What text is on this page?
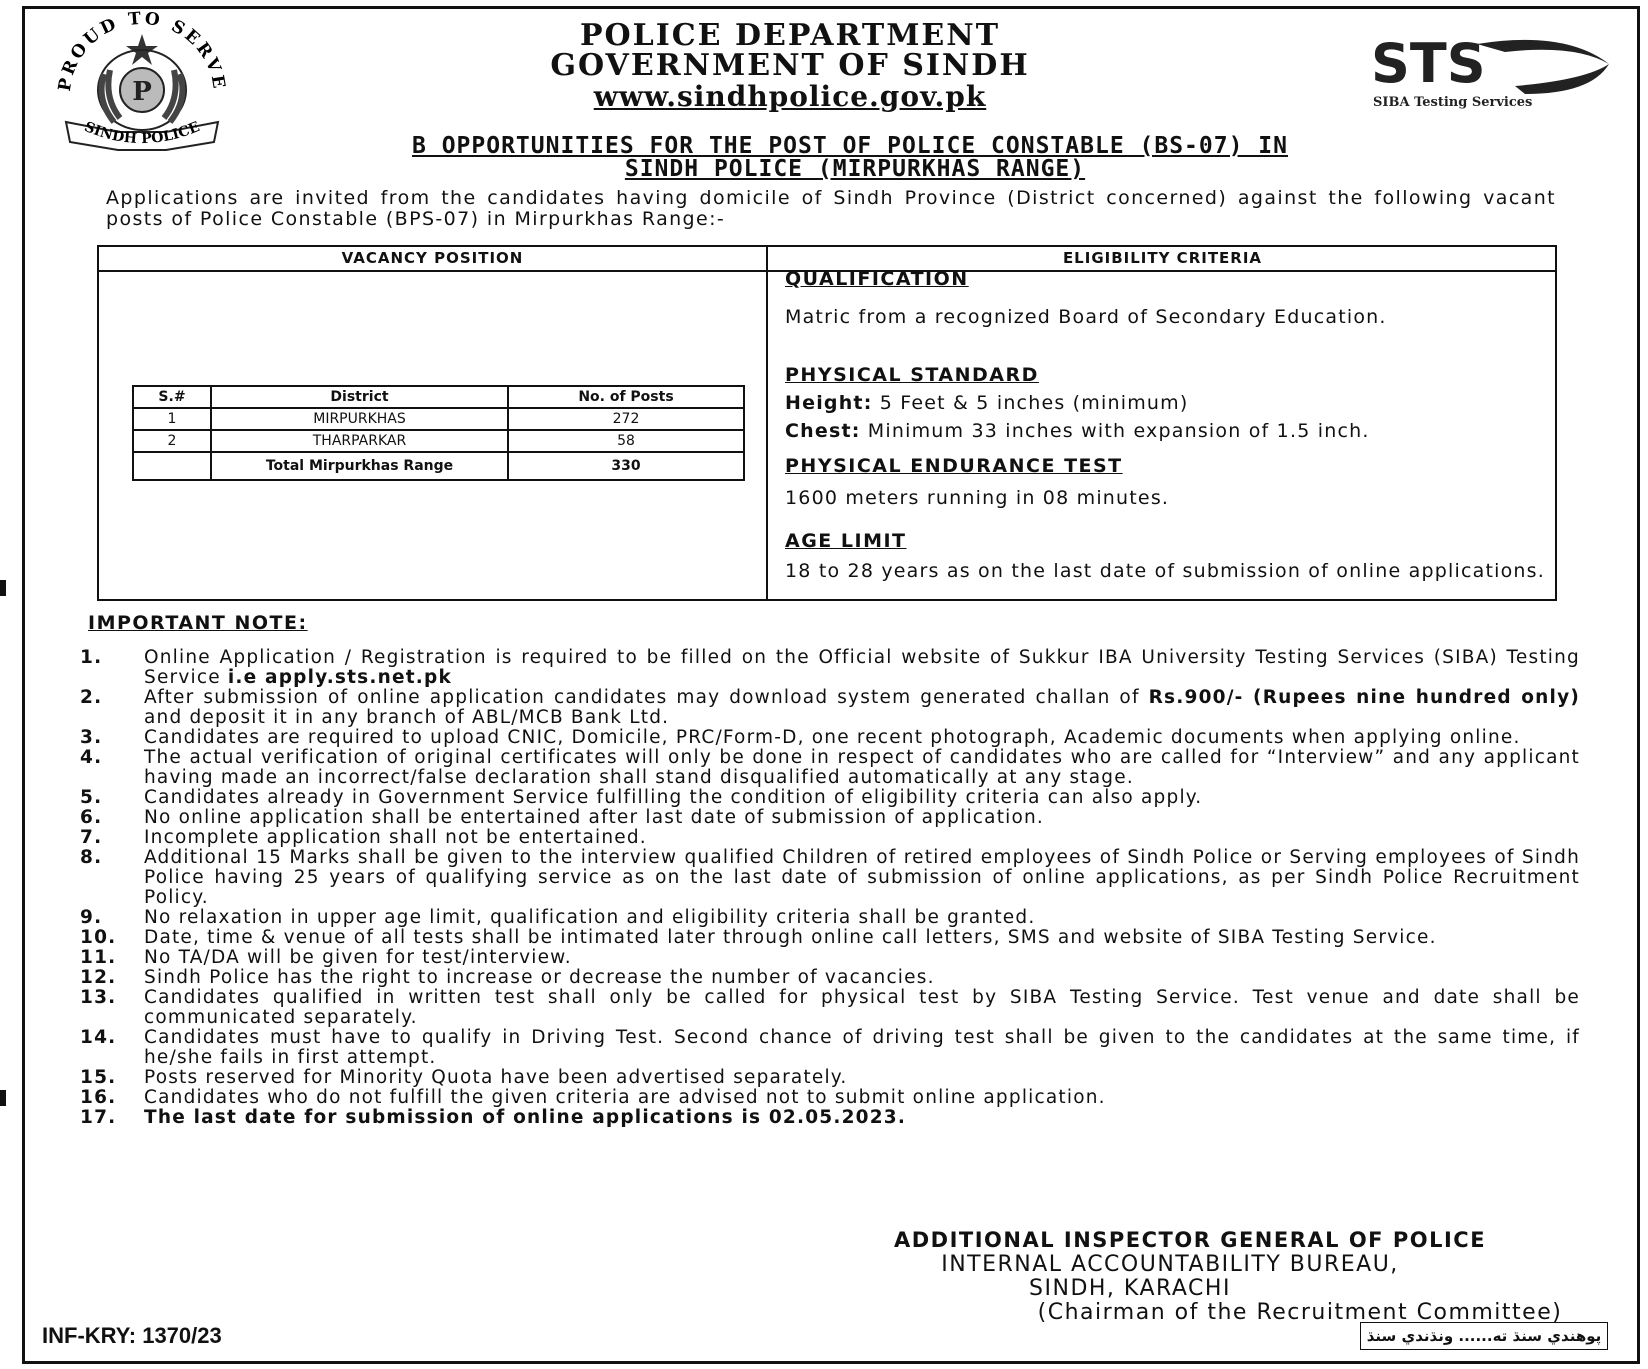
PROUD TO SERVE
P
SINDH POLICE
STS
SIBA Testing Services
POLICE DEPARTMENT
GOVERNMENT OF SINDH
www.sindhpolice.gov.pk
B OPPORTUNITIES FOR THE POST OF POLICE CONSTABLE (BS-07) IN
SINDH POLICE (MIRPURKHAS RANGE)
Applications are invited from the candidates having domicile of Sindh Province (District concerned) against the following vacant posts of Police Constable (BPS-07) in Mirpurkhas Range:-
VACANCY POSITION	ELIGIBILITY CRITERIA
S.#	District	No. of Posts
1	MIRPURKHAS	272
2	THARPARKAR	58
	Total Mirpurkhas Range	330
QUALIFICATION
Matric from a recognized Board of Secondary Education.
PHYSICAL STANDARD
Height: 5 Feet & 5 inches (minimum)
Chest: Minimum 33 inches with expansion of 1.5 inch.
PHYSICAL ENDURANCE TEST
1600 meters running in 08 minutes.
AGE LIMIT
18 to 28 years as on the last date of submission of online applications.
IMPORTANT NOTE:
1.	Online Application / Registration is required to be filled on the Official website of Sukkur IBA University Testing Services (SIBA) Testing Service i.e apply.sts.net.pk
2.	After submission of online application candidates may download system generated challan of Rs.900/- (Rupees nine hundred only) and deposit it in any branch of ABL/MCB Bank Ltd.
3.	Candidates are required to upload CNIC, Domicile, PRC/Form-D, one recent photograph, Academic documents when applying online.
4.	The actual verification of original certificates will only be done in respect of candidates who are called for “Interview” and any applicant having made an incorrect/false declaration shall stand disqualified automatically at any stage.
5.	Candidates already in Government Service fulfilling the condition of eligibility criteria can also apply.
6.	No online application shall be entertained after last date of submission of application.
7.	Incomplete application shall not be entertained.
8.	Additional 15 Marks shall be given to the interview qualified Children of retired employees of Sindh Police or Serving employees of Sindh Police having 25 years of qualifying service as on the last date of submission of online applications, as per Sindh Police Recruitment Policy.
9.	No relaxation in upper age limit, qualification and eligibility criteria shall be granted.
10.	Date, time & venue of all tests shall be intimated later through online call letters, SMS and website of SIBA Testing Service.
11.	No TA/DA will be given for test/interview.
12.	Sindh Police has the right to increase or decrease the number of vacancies.
13.	Candidates qualified in written test shall only be called for physical test by SIBA Testing Service. Test venue and date shall be communicated separately.
14.	Candidates must have to qualify in Driving Test. Second chance of driving test shall be given to the candidates at the same time, if he/she fails in first attempt.
15.	Posts reserved for Minority Quota have been advertised separately.
16.	Candidates who do not fulfill the given criteria are advised not to submit online application.
17.	The last date for submission of online applications is 02.05.2023.
ADDITIONAL INSPECTOR GENERAL OF POLICE
INTERNAL ACCOUNTABILITY BUREAU,
SINDH, KARACHI
(Chairman of the Recruitment Committee)
INF-KRY: 1370/23	پوھندي سنڌ ته...... ونڌندي سنڌ
